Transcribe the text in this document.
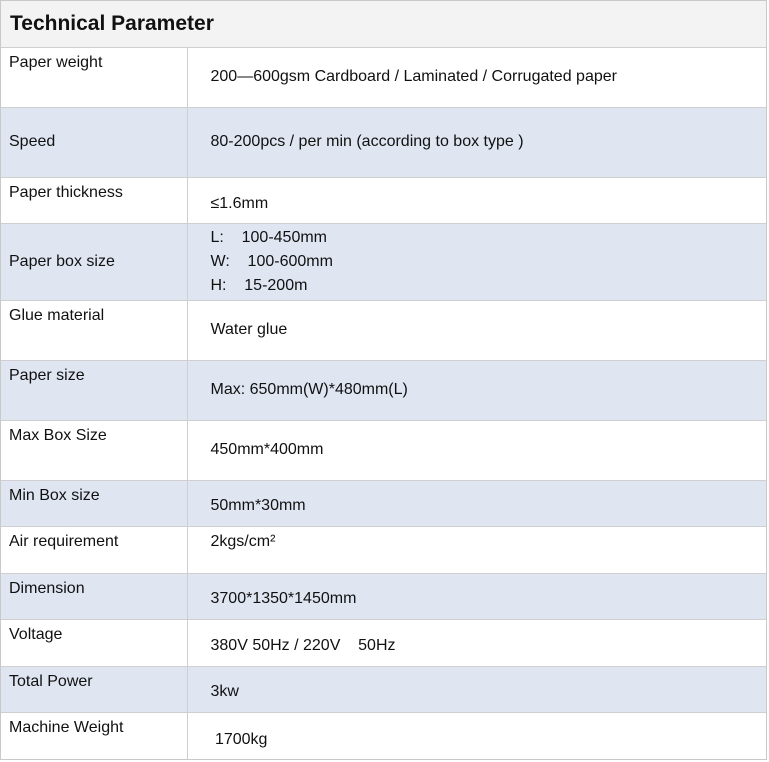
Technical Parameter
Paper weight	200—600gsm Cardboard / Laminated / Corrugated paper
Speed	80-200pcs / per min (according to box type )
Paper thickness	≤1.6mm
Paper box size	L:    100-450mm
W:    100-600mm
H:    15-200m

Glue material	Water glue
Paper size	Max: 650mm(W)*480mm(L)
Max Box Size	450mm*400mm
Min Box size	50mm*30mm
Air requirement	2kgs/cm²
Dimension	3700*1350*1450mm
Voltage	380V 50Hz / 220V    50Hz
Total Power	3kw
Machine Weight	1700kg
